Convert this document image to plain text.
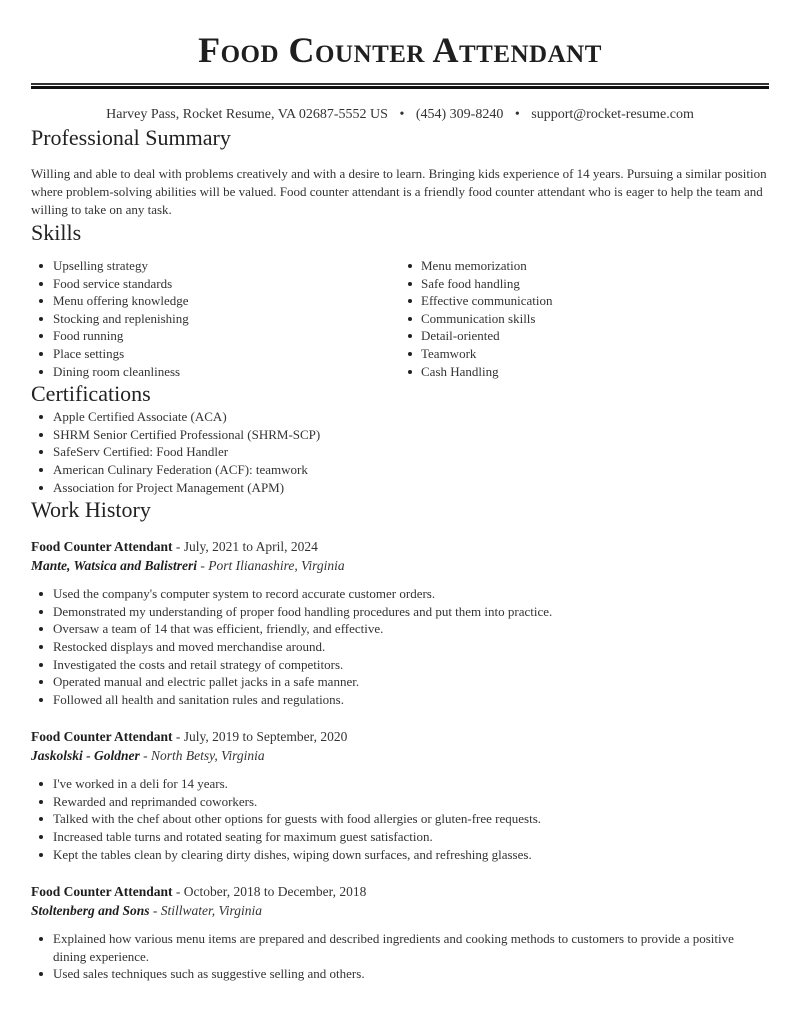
Food Counter Attendant
Harvey Pass, Rocket Resume, VA 02687-5552 US • (454) 309-8240 • support@rocket-resume.com
Professional Summary

Willing and able to deal with problems creatively and with a desire to learn. Bringing kids experience of 14 years. Pursuing a similar position where problem-solving abilities will be valued. Food counter attendant is a friendly food counter attendant who is eager to help the team and willing to take on any task.

Skills
Upselling strategy
Food service standards
Menu offering knowledge
Stocking and replenishing
Food running
Place settings
Dining room cleanliness
Menu memorization
Safe food handling
Effective communication
Communication skills
Detail-oriented
Teamwork
Cash Handling
Certifications
Apple Certified Associate (ACA)
SHRM Senior Certified Professional (SHRM-SCP)
SafeServ Certified: Food Handler
American Culinary Federation (ACF): teamwork
Association for Project Management (APM)
Work History
Food Counter Attendant - July, 2021 to April, 2024
Mante, Watsica and Balistreri - Port Ilianashire, Virginia
Used the company's computer system to record accurate customer orders.
Demonstrated my understanding of proper food handling procedures and put them into practice.
Oversaw a team of 14 that was efficient, friendly, and effective.
Restocked displays and moved merchandise around.
Investigated the costs and retail strategy of competitors.
Operated manual and electric pallet jacks in a safe manner.
Followed all health and sanitation rules and regulations.
Food Counter Attendant - July, 2019 to September, 2020
Jaskolski - Goldner - North Betsy, Virginia
I've worked in a deli for 14 years.
Rewarded and reprimanded coworkers.
Talked with the chef about other options for guests with food allergies or gluten-free requests.
Increased table turns and rotated seating for maximum guest satisfaction.
Kept the tables clean by clearing dirty dishes, wiping down surfaces, and refreshing glasses.
Food Counter Attendant - October, 2018 to December, 2018
Stoltenberg and Sons - Stillwater, Virginia
Explained how various menu items are prepared and described ingredients and cooking methods to customers to provide a positive dining experience.
Used sales techniques such as suggestive selling and others.
